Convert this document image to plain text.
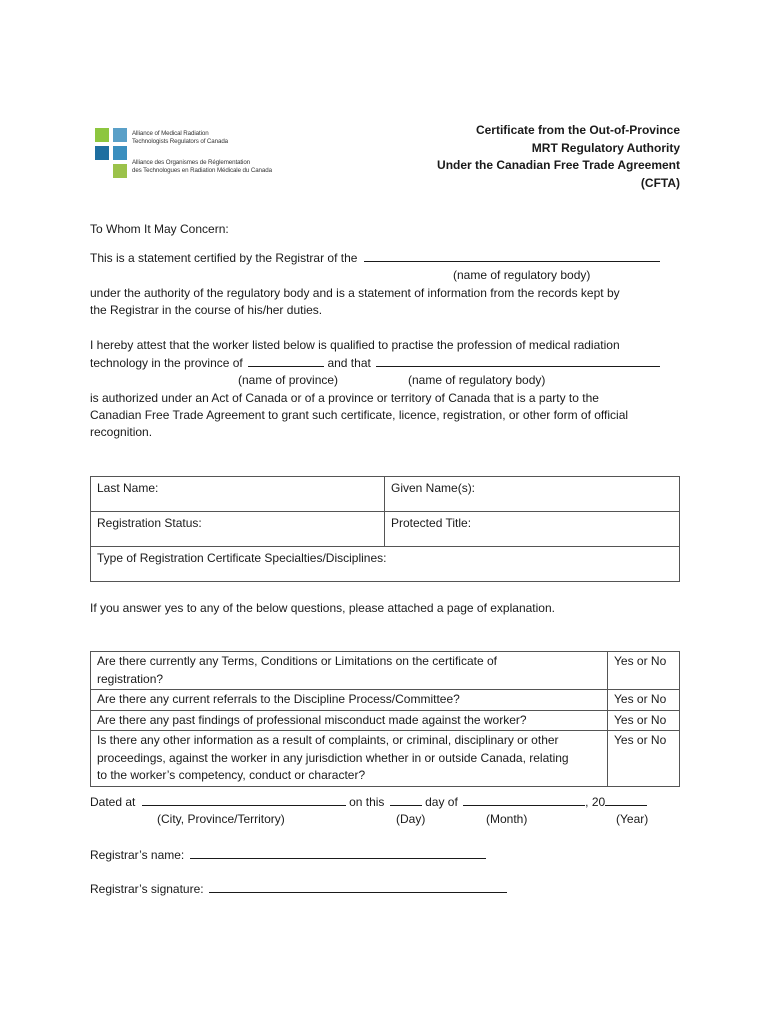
Alliance of Medical Radiation
Technologists Regulators of Canada
Alliance des Organismes de Réglementation
des Technologues en Radiation Médicale du Canada
Certificate from the Out-of-Province
MRT Regulatory Authority
Under the Canadian Free Trade Agreement
(CFTA)
To Whom It May Concern:
This is a statement certified by the Registrar of the
(name of regulatory body)
under the authority of the regulatory body and is a statement of information from the records kept by
the Registrar in the course of his/her duties.
I hereby attest that the worker listed below is qualified to practise the profession of medical radiation
technology in the province of	and that
(name of province)	(name of regulatory body)
is authorized under an Act of Canada or of a province or territory of Canada that is a party to the
Canadian Free Trade Agreement to grant such certificate, licence, registration, or other form of official
recognition.
Last Name:	Given Name(s):
Registration Status:	Protected Title:
Type of Registration Certificate Specialties/Disciplines:	
If you answer yes to any of the below questions, please attached a page of explanation.
Are there currently any Terms, Conditions or Limitations on the certificate of
registration?	Yes or No

Are there any current referrals to the Discipline Process/Committee?	Yes or No

Are there any past findings of professional misconduct made against the worker?	Yes or No

Is there any other information as a result of complaints, or criminal, disciplinary or other
proceedings, against the worker in any jurisdiction whether in or outside Canada, relating
to the worker’s competency, conduct or character?	Yes or No
Dated at	on this	day of	, 20
(City, Province/Territory)	(Day)	(Month)	(Year)
Registrar’s name:
Registrar’s signature:
